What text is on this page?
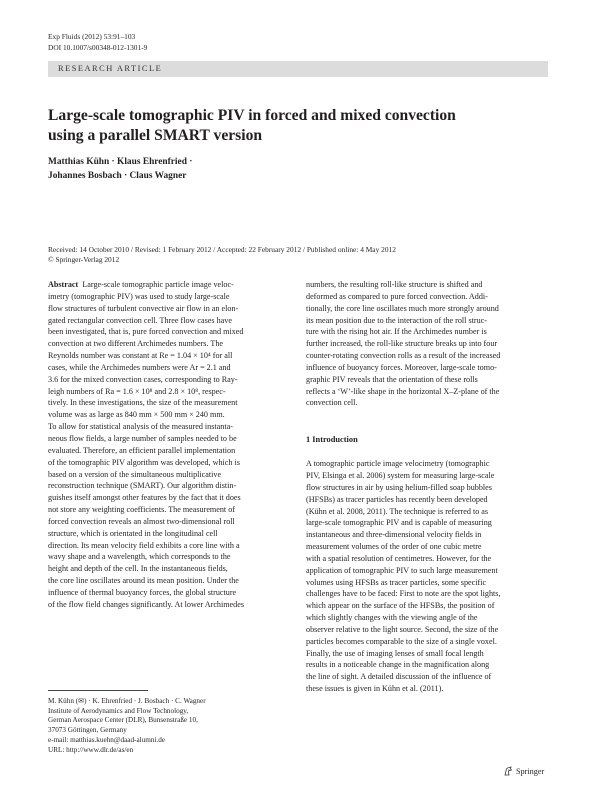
Exp Fluids (2012) 53:91–103
DOI 10.1007/s00348-012-1301-9
RESEARCH ARTICLE
Large-scale tomographic PIV in forced and mixed convection
using a parallel SMART version
Matthias Kühn · Klaus Ehrenfried ·
Johannes Bosbach · Claus Wagner
Received: 14 October 2010 / Revised: 1 February 2012 / Accepted: 22 February 2012 / Published online: 4 May 2012
© Springer-Verlag 2012

Abstract Large-scale tomographic particle image veloc-

imetry (tomographic PIV) was used to study large-scale

flow structures of turbulent convective air flow in an elon-

gated rectangular convection cell. Three flow cases have

been investigated, that is, pure forced convection and mixed

convection at two different Archimedes numbers. The

Reynolds number was constant at Re = 1.04 × 10⁴ for all

cases, while the Archimedes numbers were Ar = 2.1 and

3.6 for the mixed convection cases, corresponding to Ray-

leigh numbers of Ra = 1.6 × 10⁸ and 2.8 × 10⁸, respec-

tively. In these investigations, the size of the measurement

volume was as large as 840 mm × 500 mm × 240 mm.

To allow for statistical analysis of the measured instanta-

neous flow fields, a large number of samples needed to be

evaluated. Therefore, an efficient parallel implementation

of the tomographic PIV algorithm was developed, which is

based on a version of the simultaneous multiplicative

reconstruction technique (SMART). Our algorithm distin-

guishes itself amongst other features by the fact that it does

not store any weighting coefficients. The measurement of

forced convection reveals an almost two-dimensional roll

structure, which is orientated in the longitudinal cell

direction. Its mean velocity field exhibits a core line with a

wavy shape and a wavelength, which corresponds to the

height and depth of the cell. In the instantaneous fields,

the core line oscillates around its mean position. Under the

influence of thermal buoyancy forces, the global structure

of the flow field changes significantly. At lower Archimedes

numbers, the resulting roll-like structure is shifted and

deformed as compared to pure forced convection. Addi-

tionally, the core line oscillates much more strongly around

its mean position due to the interaction of the roll struc-

ture with the rising hot air. If the Archimedes number is

further increased, the roll-like structure breaks up into four

counter-rotating convection rolls as a result of the increased

influence of buoyancy forces. Moreover, large-scale tomo-

graphic PIV reveals that the orientation of these rolls

reflects a ‘W’-like shape in the horizontal X–Z-plane of the

convection cell.

1 Introduction

A tomographic particle image velocimetry (tomographic

PIV, Elsinga et al. 2006) system for measuring large-scale

flow structures in air by using helium-filled soap bubbles

(HFSBs) as tracer particles has recently been developed

(Kühn et al. 2008, 2011). The technique is referred to as

large-scale tomographic PIV and is capable of measuring

instantaneous and three-dimensional velocity fields in

measurement volumes of the order of one cubic metre

with a spatial resolution of centimetres. However, for the

application of tomographic PIV to such large measurement

volumes using HFSBs as tracer particles, some specific

challenges have to be faced: First to note are the spot lights,

which appear on the surface of the HFSBs, the position of

which slightly changes with the viewing angle of the

observer relative to the light source. Second, the size of the

particles becomes comparable to the size of a single voxel.

Finally, the use of imaging lenses of small focal length

results in a noticeable change in the magnification along

the line of sight. A detailed discussion of the influence of

these issues is given in Kühn et al. (2011).

M. Kühn (✉) · K. Ehrenfried · J. Bosbach · C. Wagner
Institute of Aerodynamics and Flow Technology,
German Aerospace Center (DLR), Bunsenstraße 10,
37073 Göttingen, Germany
e-mail: matthias.kuehn@daad-alumni.de
URL: http://www.dlr.de/as/en
Springer
